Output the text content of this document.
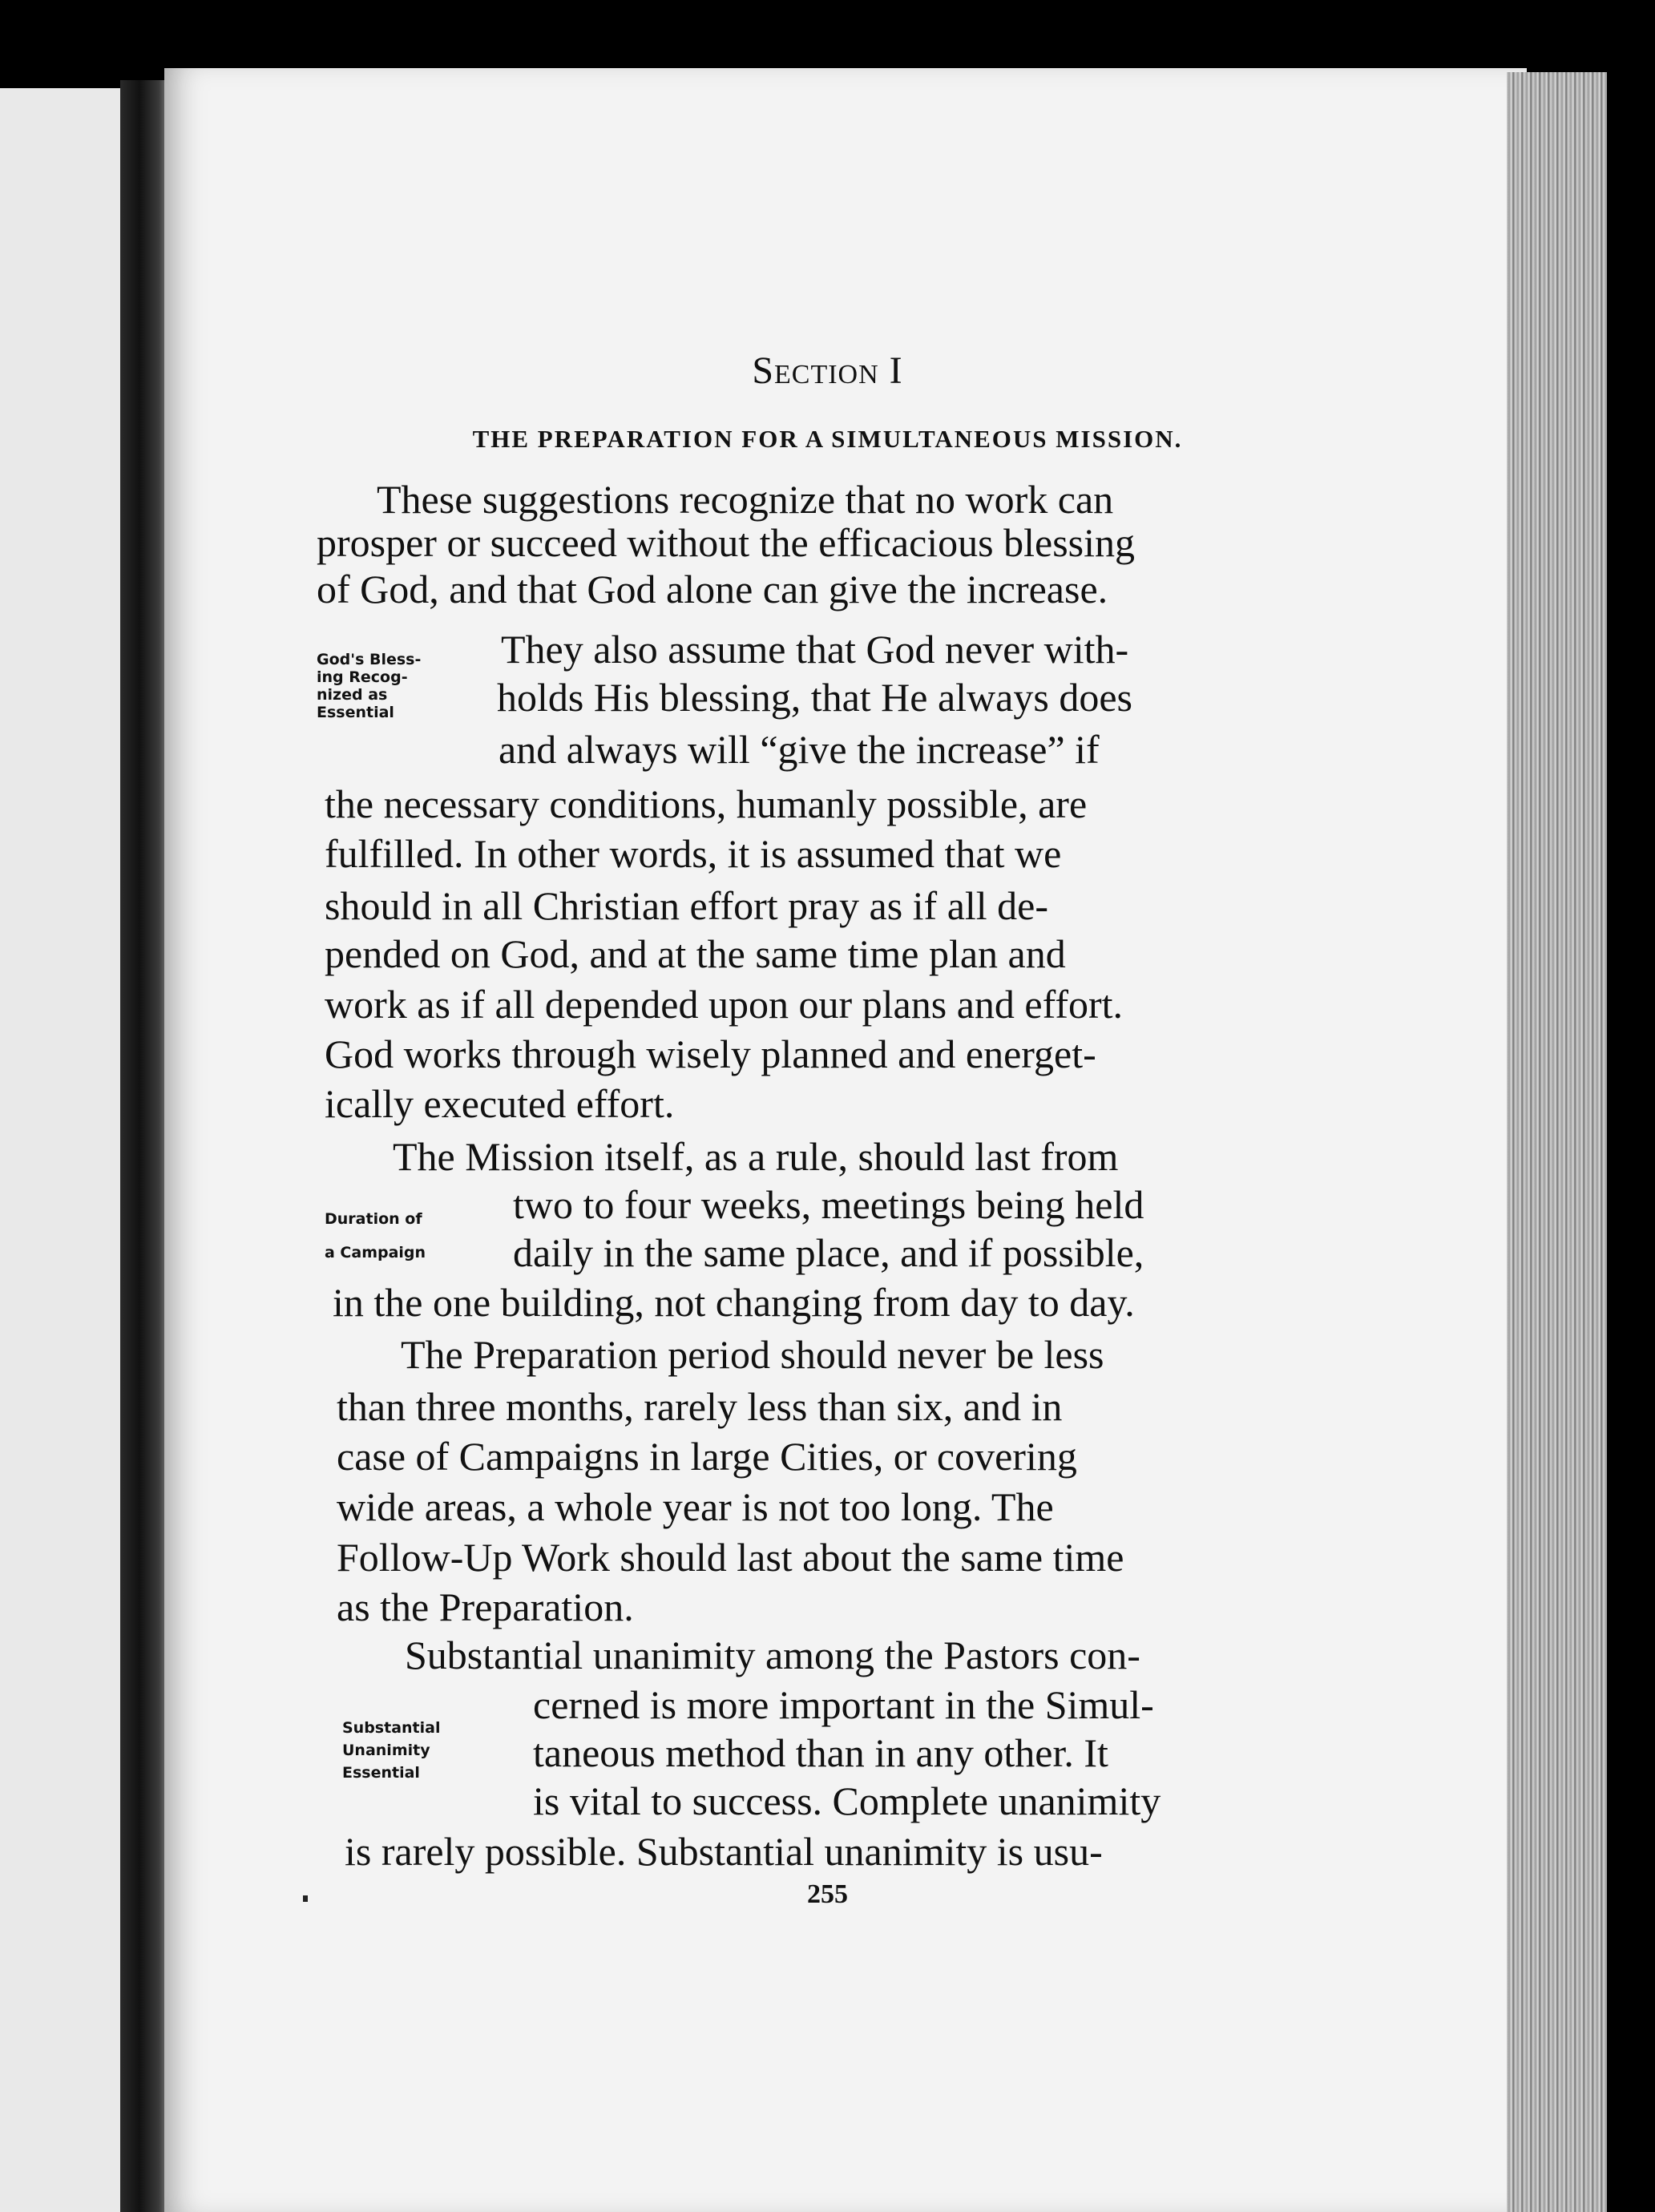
Section I
THE PREPARATION FOR A SIMULTANEOUS MISSION.
God's Bless-
ing Recog-
nized as
Essential
Duration of
a Campaign
Substantial
Unanimity
Essential
These suggestions recognize that no work can
prosper or succeed without the efficacious blessing
of God, and that God alone can give the increase.
They also assume that God never with-
holds His blessing, that He always does
and always will “give the increase” if
the necessary conditions, humanly possible, are
fulfilled. In other words, it is assumed that we
should in all Christian effort pray as if all de-
pended on God, and at the same time plan and
work as if all depended upon our plans and effort.
God works through wisely planned and energet-
ically executed effort.
The Mission itself, as a rule, should last from
two to four weeks, meetings being held
daily in the same place, and if possible,
in the one building, not changing from day to day.
The Preparation period should never be less
than three months, rarely less than six, and in
case of Campaigns in large Cities, or covering
wide areas, a whole year is not too long. The
Follow-Up Work should last about the same time
as the Preparation.
Substantial unanimity among the Pastors con-
cerned is more important in the Simul-
taneous method than in any other. It
is vital to success. Complete unanimity
is rarely possible. Substantial unanimity is usu-
255
